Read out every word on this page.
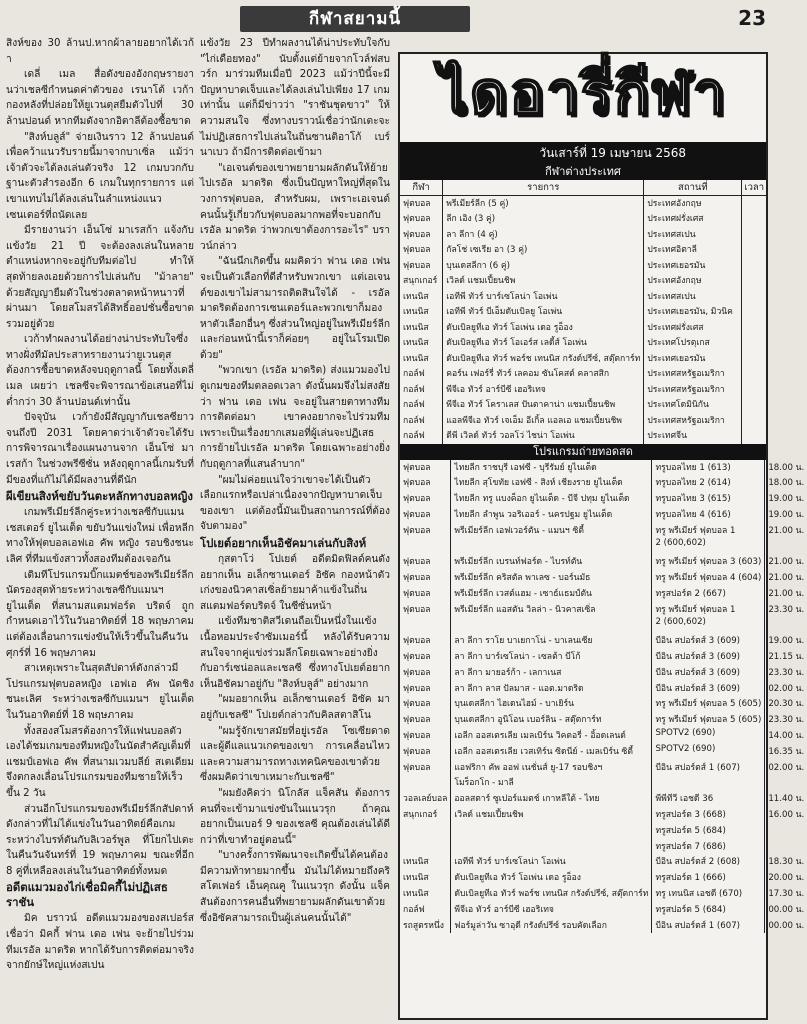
กีฬาสยามนี้	23

สิงห์ของ 30 ล้านป.หากผ้าลายอยากได้เวก้า

เดลี่ เมล สื่อดังของอังกฤษรายงานว่าเชลซีกำหนดค่าตัวของ เรนาโต้ เวก้า กองหลังที่ปล่อยให้ยูเวนตุสยืมตัวไปที่ 30 ล้านปอนด์ หากทีมดังจากอิตาลีต้องซื้อขาด

"สิงห์บลูส์" จ่ายเงินราว 12 ล้านปอนด์ เพื่อคว้าแนวรับรายนี้มาจากบาเซิ่ล แม้ว่าเจ้าตัวจะได้ลงเล่นตัวจริง 12 เกมบวกกับฐานะตัวสำรองอีก 6 เกมในทุกรายการ แต่เขาแทบไม่ได้ลงเล่นในลำแหน่งแนวเซนเตอร์ที่ถนัดเลย

มีรายงานว่า เอ็นโซ่ มาเรสก้า แจ้งกับแข้งวัย 21 ปี จะต้องลงเล่นในหลายตำแหน่งหากจะอยู่กับทีมต่อไป ทำให้สุดท้ายลงเอยด้วยการไปเล่นกับ "ม้าลาย" ด้วยสัญญายืมตัวในช่วงตลาดหน้าหนาวที่ผ่านมา โดยสโมสรได้สิทธิ์ออปชั่นซื้อขาดรวมอยู่ด้วย

เวก้าทำผลงานได้อย่างน่าประทับใจซึ่งทางฝั่งทีมัลประสาทรายงานว่ายูเวนตุสต้องการซื้อขาดหลังจบฤดูกาลนี้ โดยทั้งเดลี่ เมล เผยว่า เชลซีจะพิจารณาข้อเสนอที่ไม่ต่ำกว่า 30 ล้านปอนด์เท่านั้น

ปัจจุบัน เวก้ายังมีสัญญากับเชลซียาวจนถึงปี 2031 โดยคาดว่าเจ้าตัวจะได้รับการพิจารณาเรื่องแผนงานจาก เอ็นโซ่ มาเรสก้า ในช่วงพรีซีซั่น หลังฤดูกาลนี้เกมรับที่มีของที่แก้ไม่ได้มีผลงานที่ดีนัก

ผีเขียนสิงห์ขยับวันตะหลักทางบอลหญิง

เกมพรีเมียร์ลีกคู่ระหว่างเชลซีกับแมนเชสเตอร์ ยูไนเต็ด ขยับวันแข่งใหม่ เพื่อหลีกทางให้ฟุตบอลเอฟเอ คัพ หญิง รอบชิงชนะเลิศ ที่ทีมแข้งสาวทั้งสองทีมต้องเจอกัน

เดิมทีโปรแกรมบิ๊กแมตช์ของพรีเมียร์ลีกนัดรองสุดท้ายระหว่างเชลซีกับแมนฯ ยูไนเต็ด ที่สนามสแตมฟอร์ด บริดจ์ ถูกกำหนดเอาไว้ในวันอาทิตย์ที่ 18 พฤษภาคม แต่ต้องเลื่อนการแข่งขันให้เร็วขึ้นในคืนวันศุกร์ที่ 16 พฤษภาคม

สาเหตุเพราะในสุดสัปดาห์ดังกล่าวมีโปรแกรมฟุตบอลหญิง เอฟเอ คัพ นัดชิงชนะเลิศ ระหว่างเชลซีกับแมนฯ ยูไนเต็ด ในวันอาทิตย์ที่ 18 พฤษภาคม

ทั้งสองสโมสรต้องการให้แฟนบอลตัวเองได้ชมเกมของทีมหญิงในนัดสำคัญเต็มที่แชมป์เอฟเอ คัพ ที่สนามเวมบลีย์ สเตเดียมจึงตกลงเลื่อนโปรแกรมของทีมชายให้เร็วขึ้น 2 วัน

ส่วนอีกโปรแกรมของพรีเมียร์ลีกสัปดาห์ดังกล่าวที่ไม่ได้แข่งในวันอาทิตย์คือเกมระหว่างไบรท์ตันกับลิเวอร์พูล ที่โยกไปเตะในคืนวันจันทร์ที่ 19 พฤษภาคม ขณะที่อีก 8 คู่ที่เหลือลงเล่นในวันอาทิตย์ทั้งหมด

อดีตแมวมองไก่เชื่อมิคกี้ไม่ปฏิเสธราชัน

มิค บราวน์ อดีตแมวมองของสเปอร์สเชื่อว่า มิคกี้ ฟาน เดอ เฟน จะย้ายไปร่วมทีมเรอัล มาดริด หากได้รับการติดต่อมาจริงจากยักษ์ใหญ่แห่งสเปน

แข้งวัย 23 ปีทำผลงานได้น่าประทับใจกับ "ไก่เดือยทอง" นับตั้งแต่ย้ายจากโวล์ฟสบวร์ก มาร่วมทีมเมื่อปี 2023 แม้ว่าปีนี้จะมีปัญหาบาดเจ็บและได้ลงเล่นไปเพียง 17 เกมเท่านั้น แต่ก็มีข่าวว่า "ราชันชุดขาว" ให้ความสนใจ ซึ่งทางบราวน์เชื่อว่านักเตะจะไม่ปฏิเสธการไปเล่นในถิ่นซานติอาโก้ เบร์นาเบว ถ้ามีการติดต่อเข้ามา

"เอเจนต์ของเขาพยายามผลักดันให้ย้ายไปเรอัล มาดริด ซึ่งเป็นปัญหาใหญ่ที่สุดในวงการฟุตบอล, สำหรับผม, เพราะเอเจนต์คนนั้นรู้เกี่ยวกับฟุตบอลมากพอที่จะบอกกับเรอัล มาดริด ว่าพวกเขาต้องการอะไร" บราวน์กล่าว

"ฉันนึกเกิดขึ้น ผมคิดว่า ฟาน เดอ เฟนจะเป็นตัวเลือกที่ดีสำหรับพวกเขา แต่เอเจนต์ของเขาไม่สามารถติดสินใจได้ - เรอัล มาดริดต้องการเซนเตอร์และพวกเขาก็มองหาตัวเลือกอื่นๆ ซึ่งส่วนใหญ่อยู่ในพรีเมียร์ลีก และก่อนหน้านี้เราก็ค่อยๆ อยู่ในโรมเปิดด้วย"

"พวกเขา (เรอัล มาดริด) ส่งแมวมองไปดูเกมของทีมตลอดเวลา ดังนั้นผมจึงไม่สงสัยว่า ฟาน เดอ เฟน จะอยู่ในสายตาทางทีมการติดต่อมา เขาคงอยากจะไปร่วมทีมเพราะเป็นเรื่องยากเสมอที่ผู้เล่นจะปฏิเสธการย้ายไปเรอัล มาดริด โดยเฉพาะอย่างยิ่งกับฤดูกาลที่แสนลำบาก"

"ผมไม่ค่อยแน่ใจว่าเขาจะได้เป็นตัวเลือกแรกหรือเปล่าเนื่องจากปัญหาบาดเจ็บของเขา แต่ต้องนี้มันเป็นสถานการณ์ที่ต้องจับตามอง"

โปเยต์อยากเห็นอิชัคมาเล่นกับสิงห์

กุสตาโว่ โปเยต์ อดีตมิดฟิลด์คนดังอยากเห็น อเล็กซานเดอร์ อิซัค กองหน้าตัวเก่งของนิวคาสเซิ่ลย้ายมาค้าแข้งในถิ่นสแตมฟอร์ดบริดจ์ ในซีซั่นหน้า

แข้งทีมชาติสวีเดนถือเป็นหนึ่งในแข้งเนื้อหอมประจำซัมเมอร์นี้ หลังได้รับความสนใจจากคู่แข่งร่วมลีกโดยเฉพาะอย่างยิ่งกับอาร์เซน่อลและเชลซี ซึ่งทางโปเยต์อยากเห็นอิชัคมาอยู่กับ "สิงห์บลูส์" อย่างมาก

"ผมอยากเห็น อเล็กซานเดอร์ อิซัค มาอยู่กับเชลซี" โปเยต์กล่าวกับคิลสตาสิโน

"ผมรู้จักเขาสมัยที่อยู่เรอัล โซเซียดาด และผู้ดีแลแนวเกดของเขา การเคลื่อนไหวและความสามารถทางเทคนิคของเขาด้วย ซึ่งผมคิดว่าเขาเหมาะกับเชลซี"

"ผมยังคิดว่า นิโกลัส แจ็คสัน ต้องการคนที่จะเข้ามาแข่งขันในแนวรุก ถ้าคุณอยากเป็นเบอร์ 9 ของเชลซี คุณต้องเล่นได้ดีกว่าที่เขาทำอยู่ตอนนี้"

"บางครั้งการพัฒนาจะเกิดขึ้นได้คนต้องมีความท้าทายมากขึ้น มันไม่ได้หมายถึงคริสโตเฟอร์ เอ็นคุณคู ในแนวรุก ดังนั้น แจ็คสันต้องการคนอื่นที่พยายามผลักดันเขาด้วยซึ่งอิซัคสามารถเป็นผู้เล่นคนนั้นได้"

ไดอารี่กีฬา
วันเสาร์ที่ 19 เมษายน 2568
กีฬาต่างประเทศ
กีฬา	รายการ	สถานที่	เวลา
ฟุตบอล	พรีเมียร์ลีก (5 คู่)	ประเทศอังกฤษ	
ฟุตบอล	ลีก เอิง (3 คู่)	ประเทศฝรั่งเศส	
ฟุตบอล	ลา ลีกา (4 คู่)	ประเทศสเปน	
ฟุตบอล	กัลโช่ เซเรีย อา (3 คู่)	ประเทศอิตาลี	
ฟุตบอล	บุนเดสลีกา (6 คู่)	ประเทศเยอรมัน	
สนุกเกอร์	เวิลด์ แชมเปี้ยนชิพ	ประเทศอังกฤษ	
เทนนิส	เอทีพี ทัวร์ บาร์เซโลน่า โอเพ่น	ประเทศสเปน	
เทนนิส	เอทีพี ทัวร์ บีเอ็มดับเบิลยู โอเพ่น	ประเทศเยอรมัน, มิวนิค	
เทนนิส	ดับเบิลยูทีเอ ทัวร์ โอเพ่น เดอ รูอ็อง	ประเทศฝรั่งเศส	
เทนนิส	ดับเบิลยูทีเอ ทัวร์ โอเอร์ส เลดี้ส์ โอเพ่น	ประเทศโปรตุเกส	
เทนนิส	ดับเบิลยูทีเอ ทัวร์ พอร์ช เทนนิส กรังด์ปรีซ์, สตุ๊ตการ์ท	ประเทศเยอรมัน	
กอล์ฟ	คอร์น เฟอร์รี่ ทัวร์ เลคอม ซันโคสต์ คลาสสิก	ประเทศสหรัฐอเมริกา	
กอล์ฟ	พีจีเอ ทัวร์ อาร์บีซี เฮอริเทจ	ประเทศสหรัฐอเมริกา	
กอล์ฟ	พีจีเอ ทัวร์ โคราเลส ปันตาคาน่า แชมเปี้ยนชิพ	ประเทศโดมินิกัน	
กอล์ฟ	แอลพีจีเอ ทัวร์ เจเอ็ม อีเกิ้ล แอลเอ แชมเปี้ยนชิพ	ประเทศสหรัฐอเมริกา	
กอล์ฟ	ดีพี เวิลด์ ทัวร์ วอลโว่ ไชน่า โอเพ่น	ประเทศจีน	
โปรแกรมถ่ายทอดสด
ฟุตบอล	ไทยลีก ราชบุรี เอฟซี - บุรีรัมย์ ยูไนเต็ด	ทรูบอลไทย 1 (613)	18.00 น.
ฟุตบอล	ไทยลีก สุโขทัย เอฟซี - สิงห์ เชียงราย ยูไนเต็ด	ทรูบอลไทย 2 (614)	18.00 น.
ฟุตบอล	ไทยลีก ทรู แบงค็อก ยูไนเต็ด - บีจี ปทุม ยูไนเต็ด	ทรูบอลไทย 3 (615)	19.00 น.
ฟุตบอล	ไทยลีก ลำพูน วอริเออร์ - นครปฐม ยูไนเต็ด	ทรูบอลไทย 4 (616)	19.00 น.
ฟุตบอล	พรีเมียร์ลีก เอฟเวอร์ตัน - แมนฯ ซิตี้	ทรู พรีเมียร์ ฟุตบอล 1	21.00 น.
		2 (600,602)	
ฟุตบอล	พรีเมียร์ลีก เบรนท์ฟอร์ด - ไบรท์ตัน	ทรู พรีเมียร์ ฟุตบอล 3 (603)	21.00 น.
ฟุตบอล	พรีเมียร์ลีก คริสตัล พาเลซ - บอร์นมัธ	ทรู พรีเมียร์ ฟุตบอล 4 (604)	21.00 น.
ฟุตบอล	พรีเมียร์ลีก เวสต์แฮม - เซาธ์แธมป์ตัน	ทรูสปอร์ต 2 (667)	21.00 น.
ฟุตบอล	พรีเมียร์ลีก แอสตัน วิลล่า - นิวคาสเซิ่ล	ทรู พรีเมียร์ ฟุตบอล 1	23.30 น.
		2 (600,602)	
ฟุตบอล	ลา ลีกา ราโย บาเยกาโน่ - บาเลนเซีย	บีอิน สปอร์ตส์ 3 (609)	19.00 น.
ฟุตบอล	ลา ลีกา บาร์เซโลน่า - เซลต้า บีโก้	บีอิน สปอร์ตส์ 3 (609)	21.15 น.
ฟุตบอล	ลา ลีกา มายอร์ก้า - เลกาเนส	บีอิน สปอร์ตส์ 3 (609)	23.30 น.
ฟุตบอล	ลา ลีกา ลาส ปัลมาส - แอต.มาดริด	บีอิน สปอร์ตส์ 3 (609)	02.00 น.
ฟุตบอล	บุนเดสลีกา ไฮเดนไฮม์ - บาเยิร์น	ทรู พรีเมียร์ ฟุตบอล 5 (605)	20.30 น.
ฟุตบอล	บุนเดสลีกา อูนิโอน เบอร์ลิน - สตุ๊ตการ์ท	ทรู พรีเมียร์ ฟุตบอล 5 (605)	23.30 น.
ฟุตบอล	เอลีก ออสเตรเลีย เมลเบิร์น วิคตอรี่ - อิ้อดเลนด์	SPOTV2 (690)	14.00 น.
ฟุตบอล	เอลีก ออสเตรเลีย เวสเทิร์น ซิดนีย์ - เมลเบิร์น ซิตี้	SPOTV2 (690)	16.35 น.
ฟุตบอล	แอฟริกา คัพ ออฟ เนชั่นส์ ยู-17 รอบชิงฯ	บีอิน สปอร์ตส์ 1 (607)	02.00 น.
	โมร็อกโก - มาลี		
วอลเลย์บอล	ออลสตาร์ ซูเปอร์แมตช์ เกาหลีใต้ - ไทย	พีพีทีวี เอชดี 36	11.40 น.
สนุกเกอร์	เวิลด์ แชมเปี้ยนชิพ	ทรูสปอร์ต 3 (668)	16.00 น.
		ทรูสปอร์ต 5 (684)	
		ทรูสปอร์ต 7 (686)	
เทนนิส	เอทีพี ทัวร์ บาร์เซโลน่า โอเพ่น	บีอิน สปอร์ตส์ 2 (608)	18.30 น.
เทนนิส	ดับเบิลยูทีเอ ทัวร์ โอเพ่น เดอ รูอ็อง	ทรูสปอร์ต 1 (666)	20.00 น.
เทนนิส	ดับเบิลยูทีเอ ทัวร์ พอร์ช เทนนิส กรังด์ปรีซ์, สตุ๊ตการ์ท	ทรู เทนนิส เอชดี (670)	17.30 น.
กอล์ฟ	พีจีเอ ทัวร์ อาร์บีซี เฮอริเทจ	ทรูสปอร์ต 5 (684)	00.00 น.
รถสูตรหนึ่ง	ฟอร์มูล่าวัน ซาอุดี กรังด์ปรีซ์ รอบคัดเลือก	บีอิน สปอร์ตส์ 1 (607)	00.00 น.
